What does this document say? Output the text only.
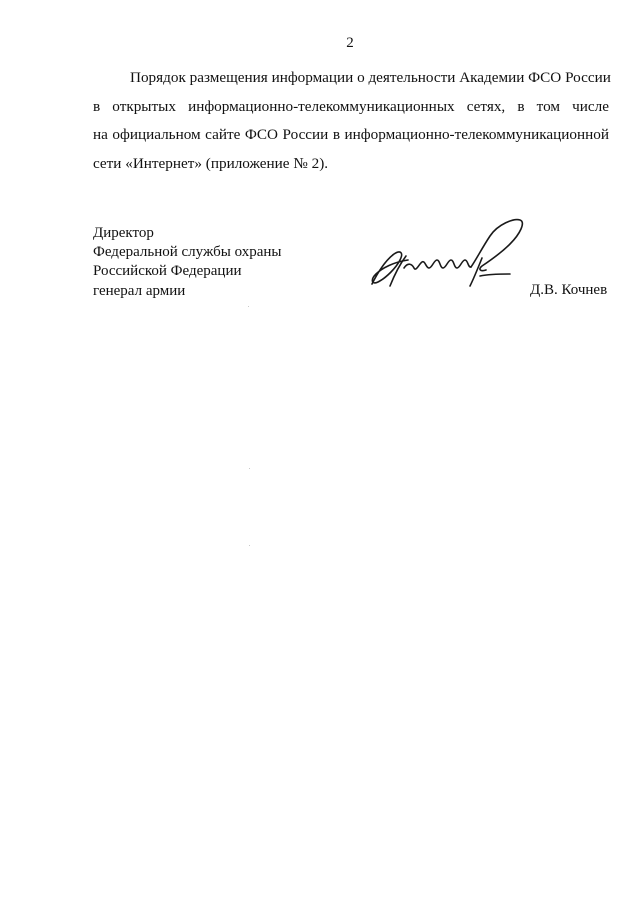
2
Порядок размещения информации о деятельности Академии ФСО России
в открытых информационно-телекоммуникационных сетях, в том числе
на официальном сайте ФСО России в информационно-телекоммуникационной
сети «Интернет» (приложение № 2).
Директор
Федеральной службы охраны
Российской Федерации
генерал армии	Д.В. Кочнев
